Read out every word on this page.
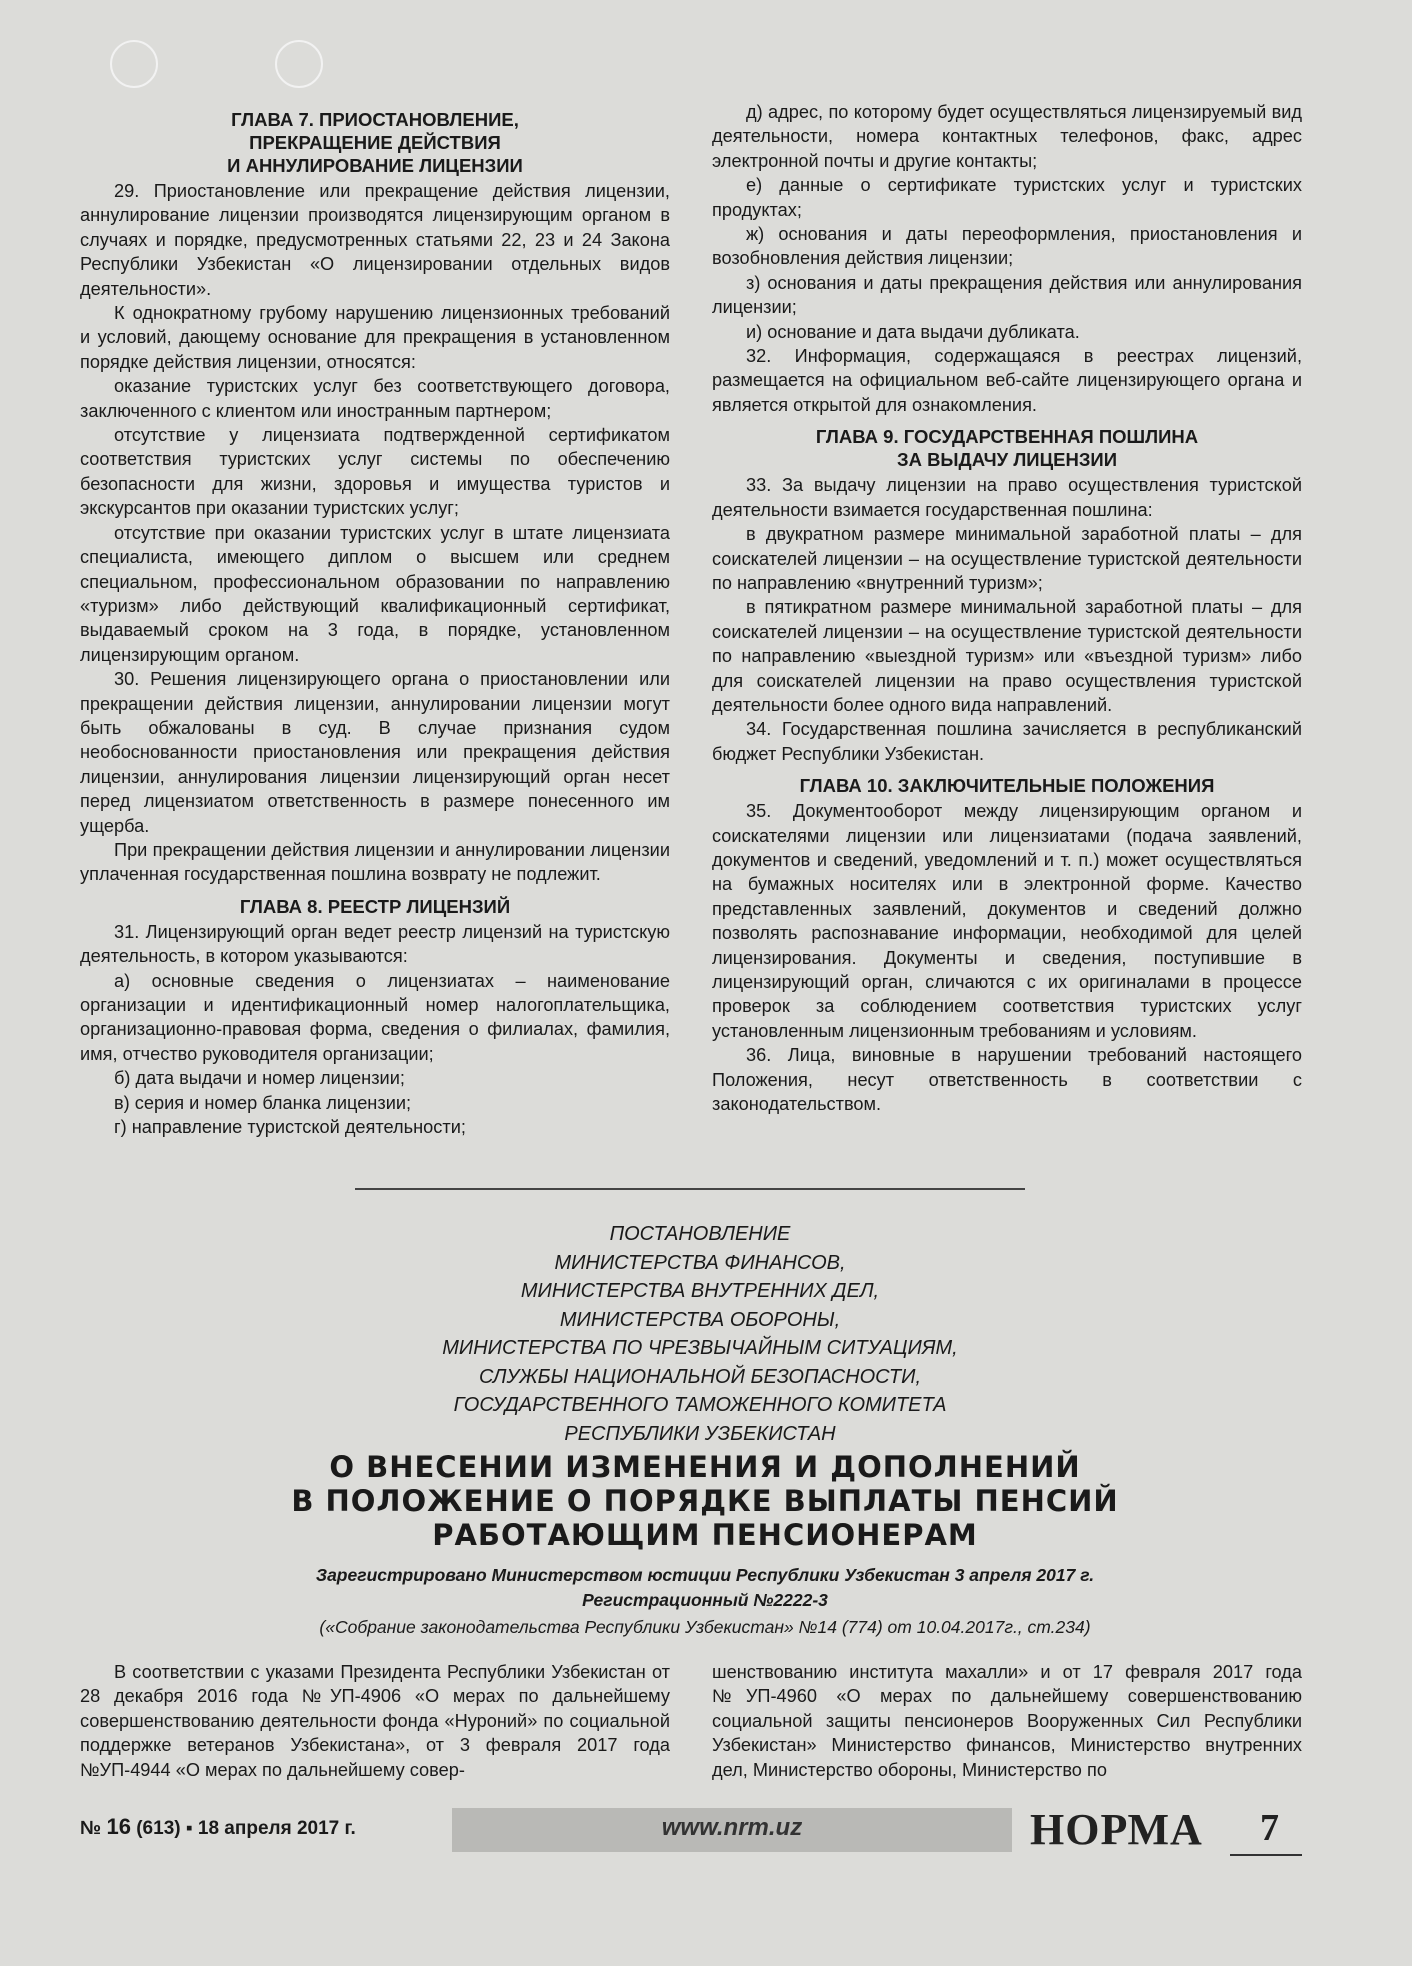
ГЛАВА 7. ПРИОСТАНОВЛЕНИЕ,
ПРЕКРАЩЕНИЕ ДЕЙСТВИЯ
И АННУЛИРОВАНИЕ ЛИЦЕНЗИИ

29. Приостановление или прекращение действия лицензии, аннулирование лицензии производятся лицензирующим органом в случаях и порядке, предусмотренных статьями 22, 23 и 24 Закона Республики Узбекистан «О лицензировании отдельных видов деятельности».

К однократному грубому нарушению лицензионных требований и условий, дающему основание для прекращения в установленном порядке действия лицензии, относятся:

оказание туристских услуг без соответствующего договора, заключенного с клиентом или иностранным партнером;

отсутствие у лицензиата подтвержденной сертификатом соответствия туристских услуг системы по обеспечению безопасности для жизни, здоровья и имущества туристов и экскурсантов при оказании туристских услуг;

отсутствие при оказании туристских услуг в штате лицензиата специалиста, имеющего диплом о высшем или среднем специальном, профессиональном образовании по направлению «туризм» либо действующий квалификационный сертификат, выдаваемый сроком на 3 года, в порядке, установленном лицензирующим органом.

30. Решения лицензирующего органа о приостановлении или прекращении действия лицензии, аннулировании лицензии могут быть обжалованы в суд. В случае признания судом необоснованности приостановления или прекращения действия лицензии, аннулирования лицензии лицензирующий орган несет перед лицензиатом ответственность в размере понесенного им ущерба.

При прекращении действия лицензии и аннулировании лицензии уплаченная государственная пошлина возврату не подлежит.

ГЛАВА 8. РЕЕСТР ЛИЦЕНЗИЙ

31. Лицензирующий орган ведет реестр лицензий на туристскую деятельность, в котором указываются:

а) основные сведения о лицензиатах – наименование организации и идентификационный номер налогоплательщика, организационно-правовая форма, сведения о филиалах, фамилия, имя, отчество руководителя организации;

б) дата выдачи и номер лицензии;

в) серия и номер бланка лицензии;

г) направление туристской деятельности;

д) адрес, по которому будет осуществляться лицензируемый вид деятельности, номера контактных телефонов, факс, адрес электронной почты и другие контакты;

е) данные о сертификате туристских услуг и туристских продуктах;

ж) основания и даты переоформления, приостановления и возобновления действия лицензии;

з) основания и даты прекращения действия или аннулирования лицензии;

и) основание и дата выдачи дубликата.

32. Информация, содержащаяся в реестрах лицензий, размещается на официальном веб-сайте лицензирующего органа и является открытой для ознакомления.

ГЛАВА 9. ГОСУДАРСТВЕННАЯ ПОШЛИНА
ЗА ВЫДАЧУ ЛИЦЕНЗИИ

33. За выдачу лицензии на право осуществления туристской деятельности взимается государственная пошлина:

в двукратном размере минимальной заработной платы – для соискателей лицензии – на осуществление туристской деятельности по направлению «внутренний туризм»;

в пятикратном размере минимальной заработной платы – для соискателей лицензии – на осуществление туристской деятельности по направлению «выездной туризм» или «въездной туризм» либо для соискателей лицензии на право осуществления туристской деятельности более одного вида направлений.

34. Государственная пошлина зачисляется в республиканский бюджет Республики Узбекистан.

ГЛАВА 10. ЗАКЛЮЧИТЕЛЬНЫЕ ПОЛОЖЕНИЯ

35. Документооборот между лицензирующим органом и соискателями лицензии или лицензиатами (подача заявлений, документов и сведений, уведомлений и т. п.) может осуществляться на бумажных носителях или в электронной форме. Качество представленных заявлений, документов и сведений должно позволять распознавание информации, необходимой для целей лицензирования. Документы и сведения, поступившие в лицензирующий орган, сличаются с их оригиналами в процессе проверок за соблюдением соответствия туристских услуг установленным лицензионным требованиям и условиям.

36. Лица, виновные в нарушении требований настоящего Положения, несут ответственность в соответствии с законодательством.

ПОСТАНОВЛЕНИЕ
МИНИСТЕРСТВА ФИНАНСОВ,
МИНИСТЕРСТВА ВНУТРЕННИХ ДЕЛ,
МИНИСТЕРСТВА ОБОРОНЫ,
МИНИСТЕРСТВА ПО ЧРЕЗВЫЧАЙНЫМ СИТУАЦИЯМ,
СЛУЖБЫ НАЦИОНАЛЬНОЙ БЕЗОПАСНОСТИ,
ГОСУДАРСТВЕННОГО ТАМОЖЕННОГО КОМИТЕТА
РЕСПУБЛИКИ УЗБЕКИСТАН
О ВНЕСЕНИИ ИЗМЕНЕНИЯ И ДОПОЛНЕНИЙ
В ПОЛОЖЕНИЕ О ПОРЯДКЕ ВЫПЛАТЫ ПЕНСИЙ
РАБОТАЮЩИМ ПЕНСИОНЕРАМ
Зарегистрировано Министерством юстиции Республики Узбекистан 3 апреля 2017 г.
Регистрационный №2222-3
(«Собрание законодательства Республики Узбекистан» №14 (774) от 10.04.2017г., ст.234)

В соответствии с указами Президента Республики Узбекистан от 28 декабря 2016 года №УП-4906 «О мерах по дальнейшему совершенствованию деятельности фонда «Нуроний» по социальной поддержке ветеранов Узбекистана», от 3 февраля 2017 года №УП-4944 «О мерах по дальнейшему совер-

шенствованию института махалли» и от 17 февраля 2017 года №УП-4960 «О мерах по дальнейшему совершенствованию социальной защиты пенсионеров Вооруженных Сил Республики Узбекистан» Министерство финансов, Министерство внутренних дел, Министерство обороны, Министерство по

№ 16 (613) ▪ 18 апреля 2017 г.	www.nrm.uz	НОРМА 7
